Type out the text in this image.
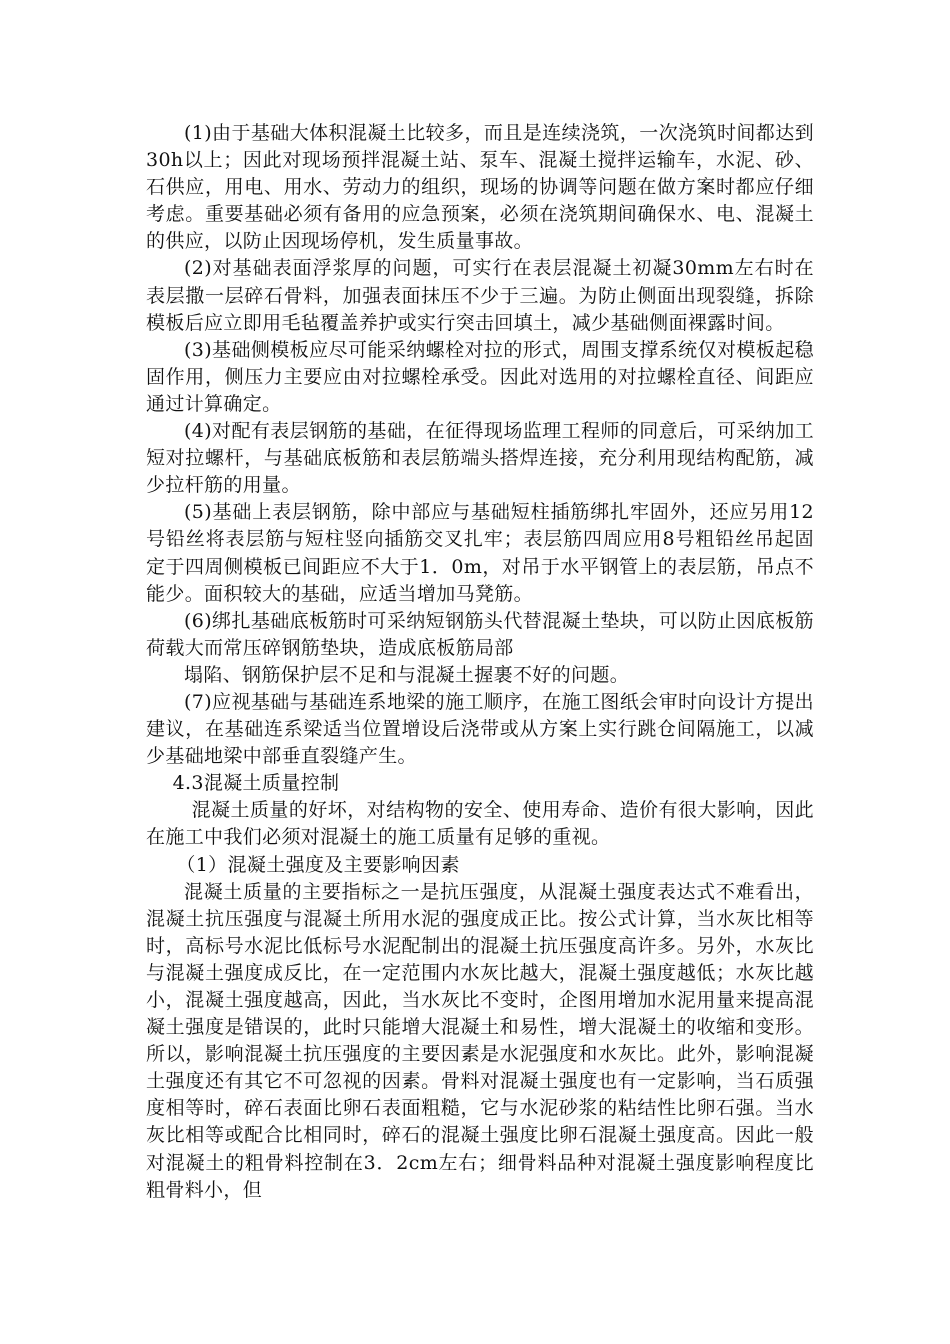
(1)由于基础大体积混凝土比较多，而且是连续浇筑，一次浇筑时间都达到30h以上；因此对现场预拌混凝土站、泵车、混凝土搅拌运输车，水泥、砂、石供应，用电、用水、劳动力的组织，现场的协调等问题在做方案时都应仔细考虑。重要基础必须有备用的应急预案，必须在浇筑期间确保水、电、混凝土的供应，以防止因现场停机，发生质量事故。

(2)对基础表面浮浆厚的问题，可实行在表层混凝土初凝30mm左右时在表层撒一层碎石骨料，加强表面抹压不少于三遍。为防止侧面出现裂缝，拆除模板后应立即用毛毡覆盖养护或实行突击回填土，减少基础侧面裸露时间。

(3)基础侧模板应尽可能采纳螺栓对拉的形式，周围支撑系统仅对模板起稳固作用，侧压力主要应由对拉螺栓承受。因此对选用的对拉螺栓直径、间距应通过计算确定。

(4)对配有表层钢筋的基础，在征得现场监理工程师的同意后，可采纳加工短对拉螺杆，与基础底板筋和表层筋端头搭焊连接，充分利用现结构配筋，减少拉杆筋的用量。

(5)基础上表层钢筋，除中部应与基础短柱插筋绑扎牢固外，还应另用12号铅丝将表层筋与短柱竖向插筋交叉扎牢；表层筋四周应用8号粗铅丝吊起固定于四周侧模板已间距应不大于1．0m，对吊于水平钢管上的表层筋，吊点不能少。面积较大的基础，应适当增加马凳筋。

(6)绑扎基础底板筋时可采纳短钢筋头代替混凝土垫块，可以防止因底板筋荷载大而常压碎钢筋垫块，造成底板筋局部

塌陷、钢筋保护层不足和与混凝土握裹不好的问题。

(7)应视基础与基础连系地梁的施工顺序，在施工图纸会审时向设计方提出建议，在基础连系梁适当位置增设后浇带或从方案上实行跳仓间隔施工，以减少基础地梁中部垂直裂缝产生。

4.3混凝土质量控制

混凝土质量的好坏，对结构物的安全、使用寿命、造价有很大影响，因此在施工中我们必须对混凝土的施工质量有足够的重视。

（1）混凝土强度及主要影响因素

混凝土质量的主要指标之一是抗压强度，从混凝土强度表达式不难看出，混凝土抗压强度与混凝土所用水泥的强度成正比。按公式计算，当水灰比相等时，高标号水泥比低标号水泥配制出的混凝土抗压强度高许多。另外，水灰比与混凝土强度成反比，在一定范围内水灰比越大，混凝土强度越低；水灰比越小，混凝土强度越高，因此，当水灰比不变时，企图用增加水泥用量来提高混凝土强度是错误的，此时只能增大混凝土和易性，增大混凝土的收缩和变形。所以，影响混凝土抗压强度的主要因素是水泥强度和水灰比。此外，影响混凝土强度还有其它不可忽视的因素。骨料对混凝土强度也有一定影响，当石质强度相等时，碎石表面比卵石表面粗糙，它与水泥砂浆的粘结性比卵石强。当水灰比相等或配合比相同时，碎石的混凝土强度比卵石混凝土强度高。因此一般对混凝土的粗骨料控制在3．2cm左右；细骨料品种对混凝土强度影响程度比粗骨料小，但
